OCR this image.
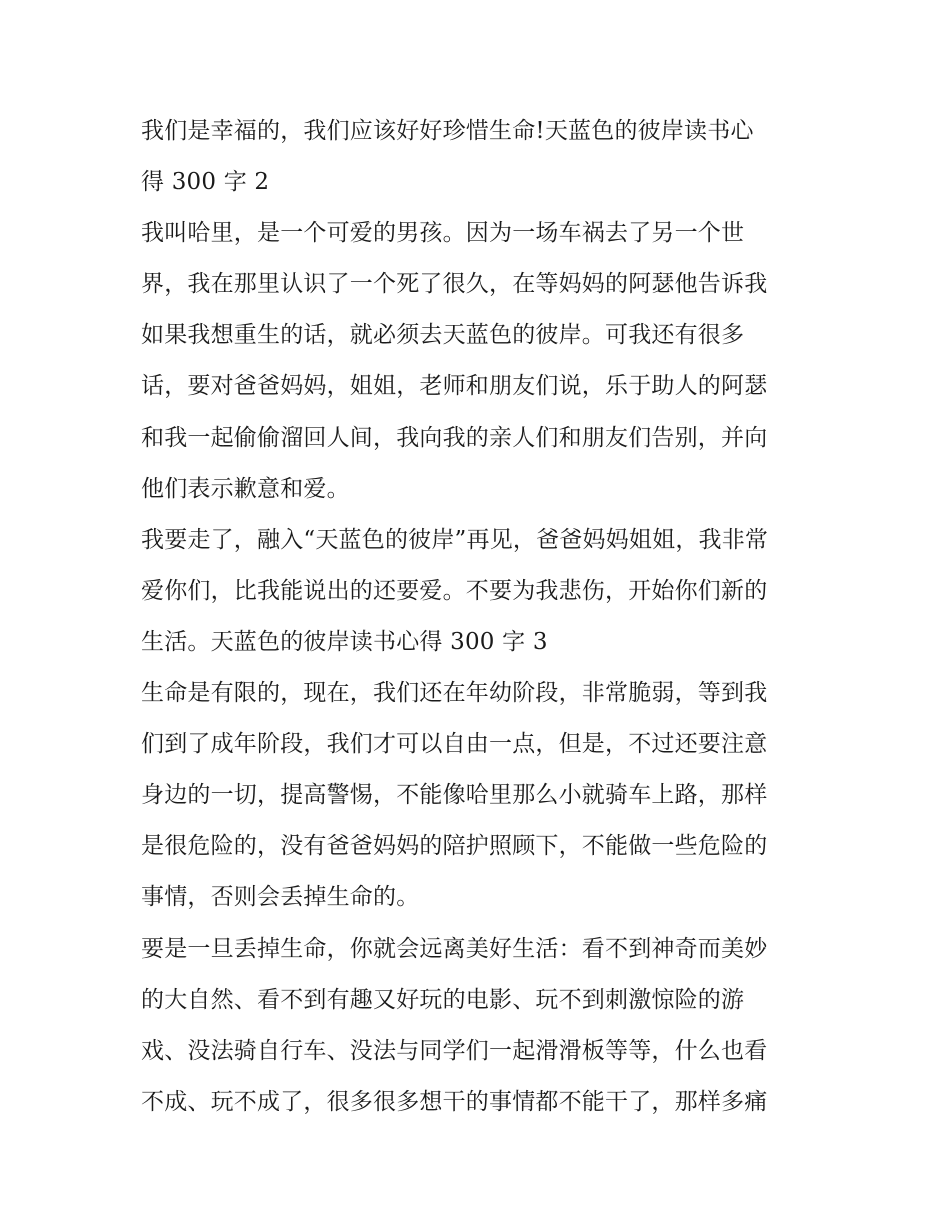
我们是幸福的，我们应该好好珍惜生命!天蓝色的彼岸读书心
得 300 字 2
我叫哈里，是一个可爱的男孩。因为一场车祸去了另一个世
界，我在那里认识了一个死了很久，在等妈妈的阿瑟他告诉我
如果我想重生的话，就必须去天蓝色的彼岸。可我还有很多
话，要对爸爸妈妈，姐姐，老师和朋友们说，乐于助人的阿瑟
和我一起偷偷溜回人间，我向我的亲人们和朋友们告别，并向
他们表示歉意和爱。
我要走了，融入“天蓝色的彼岸”再见，爸爸妈妈姐姐，我非常
爱你们，比我能说出的还要爱。不要为我悲伤，开始你们新的
生活。天蓝色的彼岸读书心得 300 字 3
生命是有限的，现在，我们还在年幼阶段，非常脆弱，等到我
们到了成年阶段，我们才可以自由一点，但是，不过还要注意
身边的一切，提高警惕，不能像哈里那么小就骑车上路，那样
是很危险的，没有爸爸妈妈的陪护照顾下，不能做一些危险的
事情，否则会丢掉生命的。
要是一旦丢掉生命，你就会远离美好生活：看不到神奇而美妙
的大自然、看不到有趣又好玩的电影、玩不到刺激惊险的游
戏、没法骑自行车、没法与同学们一起滑滑板等等，什么也看
不成、玩不成了，很多很多想干的事情都不能干了，那样多痛
